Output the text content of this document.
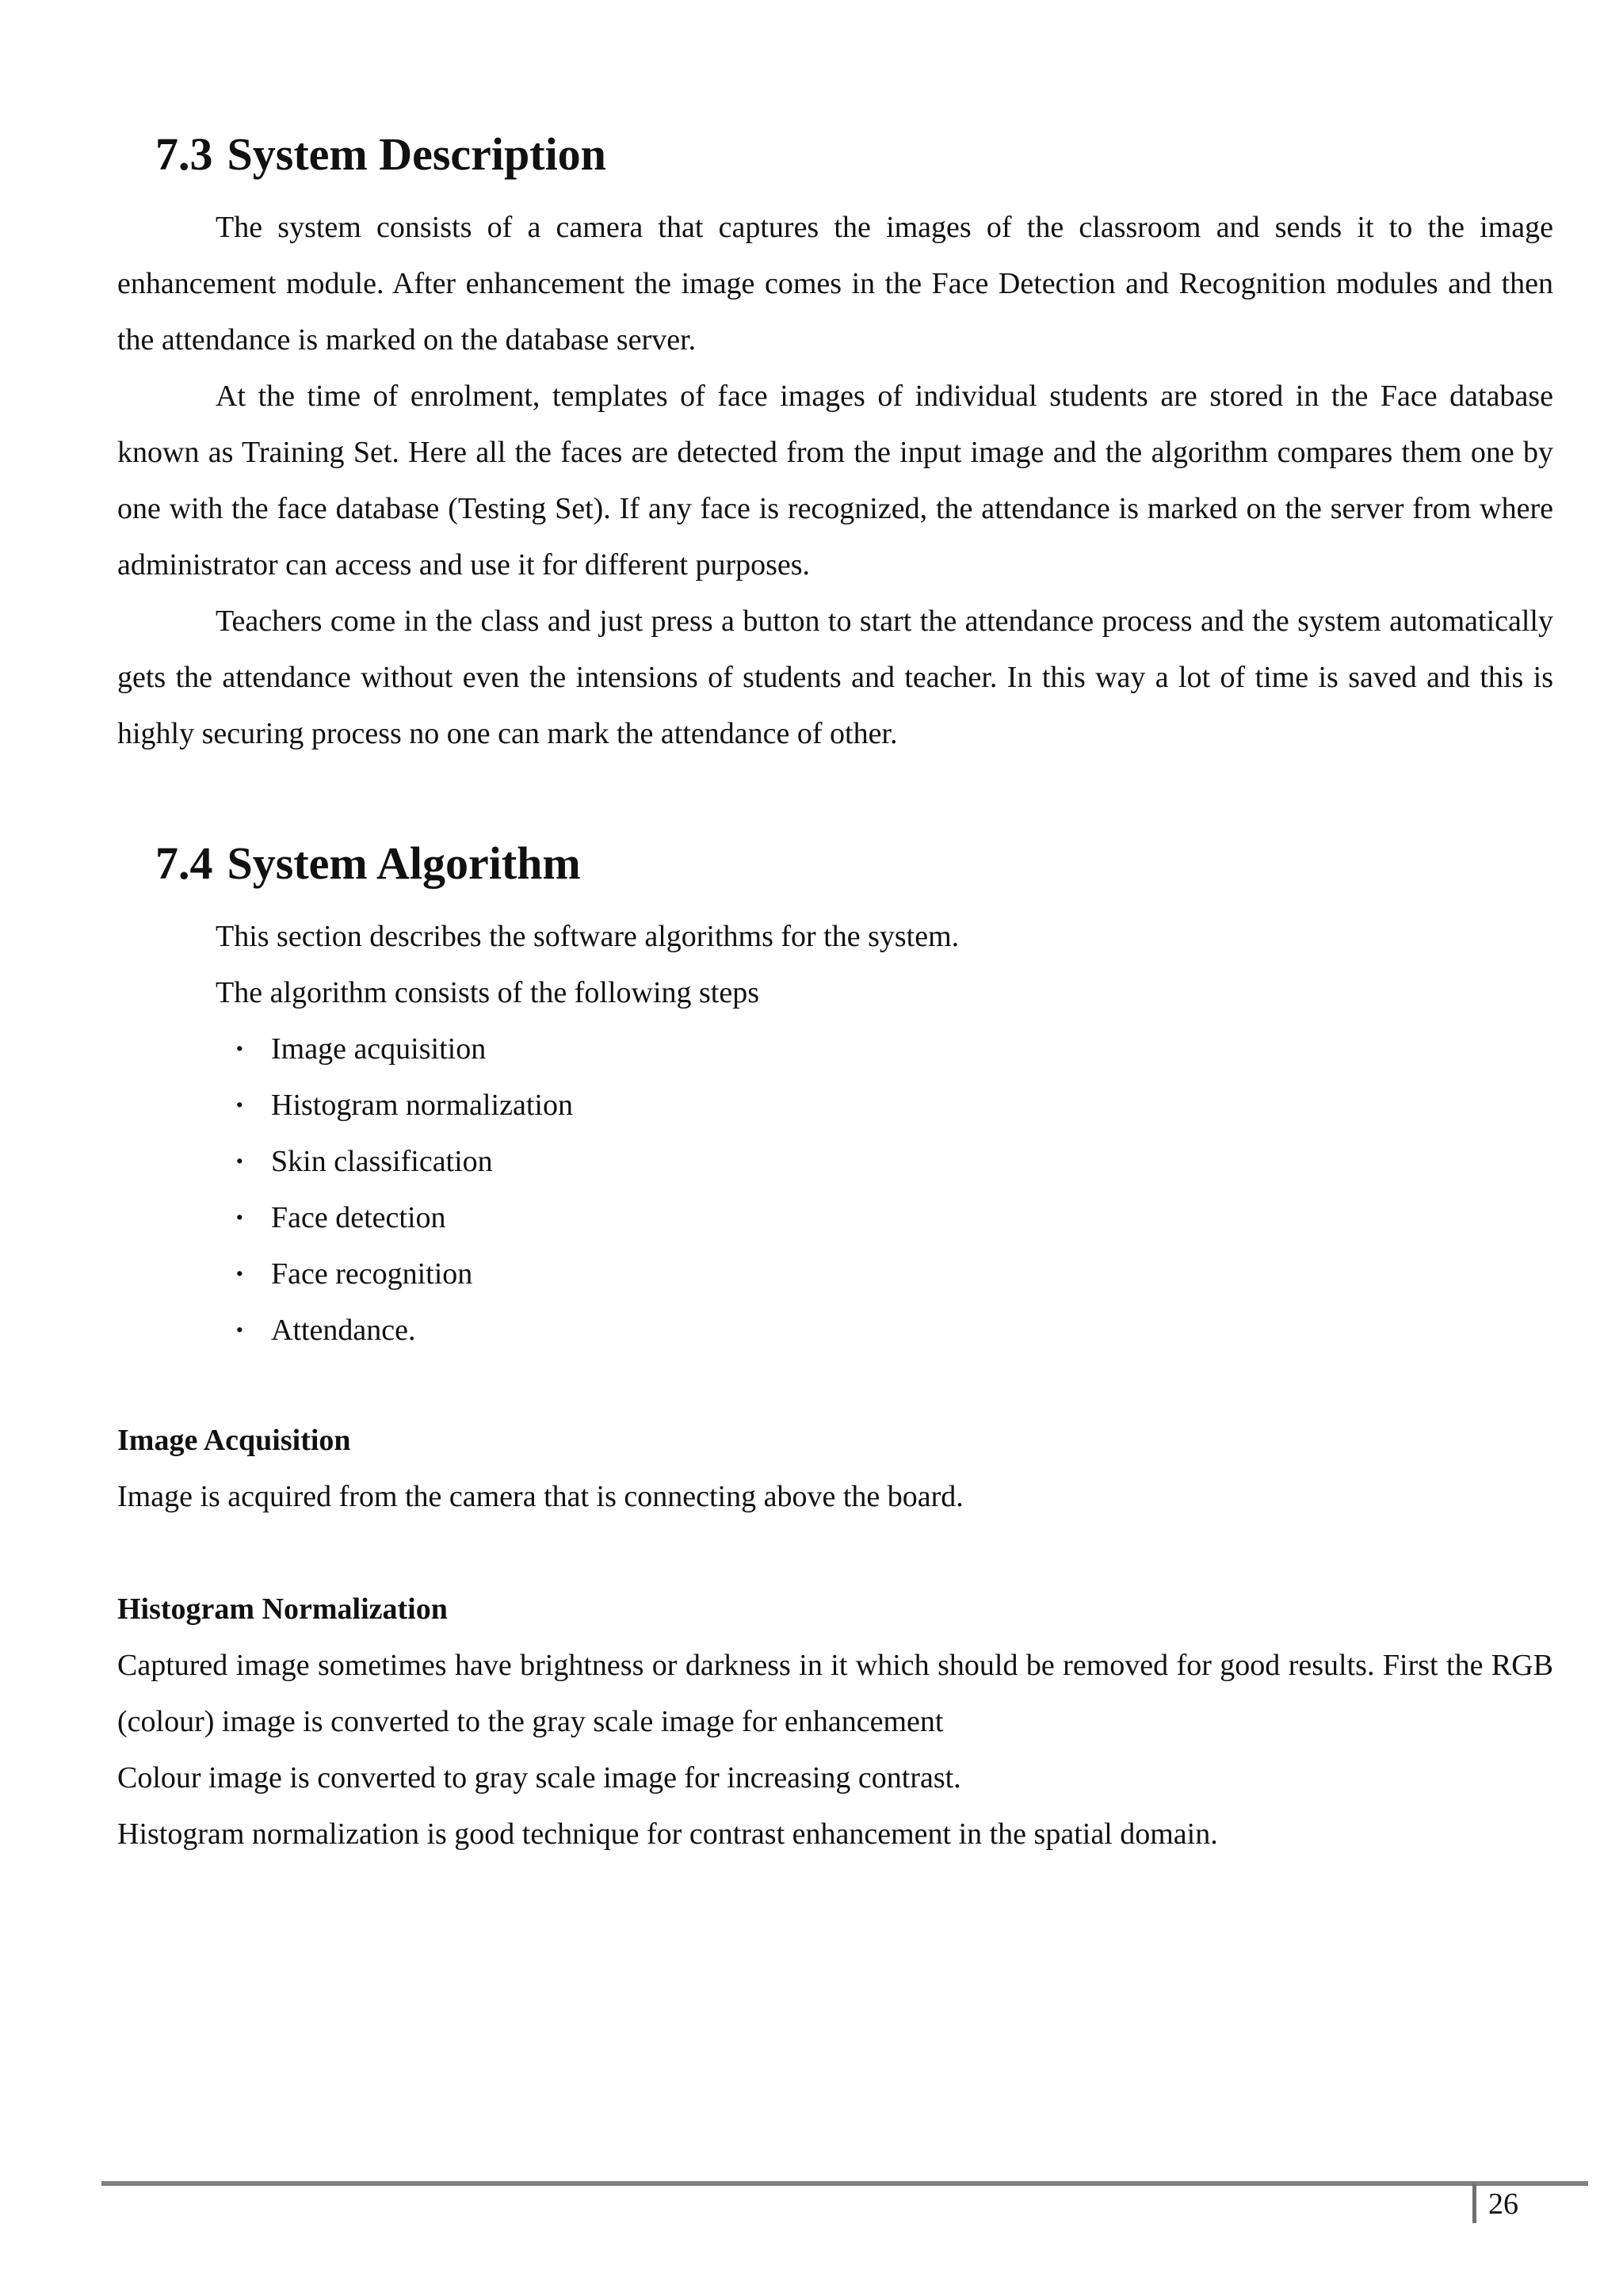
7.3 System Description

The system consists of a camera that captures the images of the classroom and sends it to the image enhancement module. After enhancement the image comes in the Face Detection and Recognition modules and then the attendance is marked on the database server.

At the time of enrolment, templates of face images of individual students are stored in the Face database known as Training Set. Here all the faces are detected from the input image and the algorithm compares them one by one with the face database (Testing Set). If any face is recognized, the attendance is marked on the server from where administrator can access and use it for different purposes.

Teachers come in the class and just press a button to start the attendance process and the system automatically gets the attendance without even the intensions of students and teacher. In this way a lot of time is saved and this is highly securing process no one can mark the attendance of other.

7.4 System Algorithm

This section describes the software algorithms for the system.

The algorithm consists of the following steps

· Image acquisition
· Histogram normalization
· Skin classification
· Face detection
· Face recognition
· Attendance.
Image Acquisition

Image is acquired from the camera that is connecting above the board.

Histogram Normalization

Captured image sometimes have brightness or darkness in it which should be removed for good results. First the RGB (colour) image is converted to the gray scale image for enhancement

Colour image is converted to gray scale image for increasing contrast.

Histogram normalization is good technique for contrast enhancement in the spatial domain.

26
